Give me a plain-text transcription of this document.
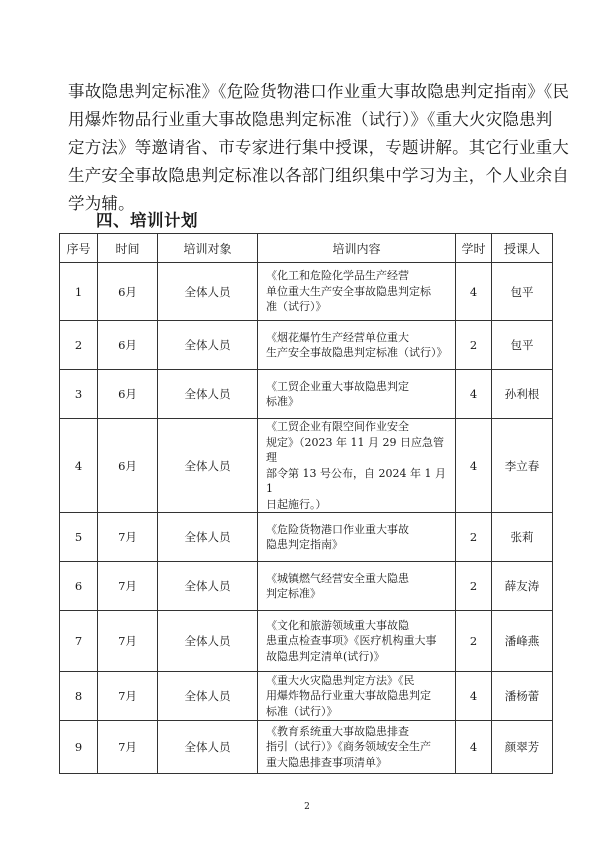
事故隐患判定标准》《危险货物港口作业重大事故隐患判定指南》《民
用爆炸物品行业重大事故隐患判定标准（试行）》《重大火灾隐患判
定方法》等邀请省、市专家进行集中授课，专题讲解。其它行业重大
生产安全事故隐患判定标准以各部门组织集中学习为主，个人业余自
学为辅。
四、培训计划
序号	时间	培训对象	培训内容	学时	授课人
1	6月	全体人员	《化工和危险化学品生产经营
单位重大生产安全事故隐患判定标
准（试行）》	4	包平
2	6月	全体人员	《烟花爆竹生产经营单位重大
生产安全事故隐患判定标准（试行）》	2	包平
3	6月	全体人员	《工贸企业重大事故隐患判定
标准》	4	孙利根
4	6月	全体人员	《工贸企业有限空间作业安全
规定》（2023 年 11 月 29 日应急管理
部令第 13 号公布，自 2024 年 1 月 1
日起施行。）	4	李立春
5	7月	全体人员	《危险货物港口作业重大事故
隐患判定指南》	2	张莉
6	7月	全体人员	《城镇燃气经营安全重大隐患
判定标准》	2	薛友涛
7	7月	全体人员	《文化和旅游领域重大事故隐
患重点检查事项》《医疗机构重大事
故隐患判定清单(试行)》	2	潘峰燕
8	7月	全体人员	《重大火灾隐患判定方法》《民
用爆炸物品行业重大事故隐患判定
标准（试行）》	4	潘杨蕾
9	7月	全体人员	《教育系统重大事故隐患排查
指引（试行）》《商务领域安全生产
重大隐患排查事项清单》	4	颜翠芳
2
